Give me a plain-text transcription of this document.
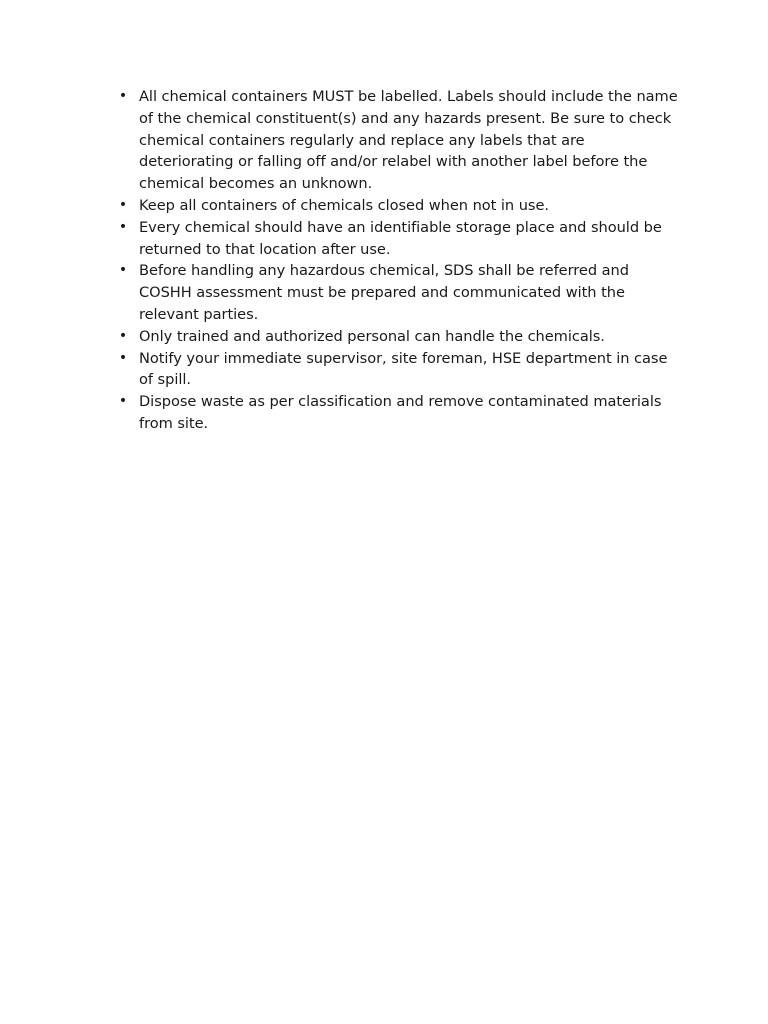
• All chemical containers MUST be labelled. Labels should include the name of the chemical constituent(s) and any hazards present. Be sure to check chemical containers regularly and replace any labels that are deteriorating or falling off and/or relabel with another label before the chemical becomes an unknown.
• Keep all containers of chemicals closed when not in use.
• Every chemical should have an identifiable storage place and should be returned to that location after use.
• Before handling any hazardous chemical, SDS shall be referred and COSHH assessment must be prepared and communicated with the relevant parties.
• Only trained and authorized personal can handle the chemicals.
• Notify your immediate supervisor, site foreman, HSE department in case of spill.
• Dispose waste as per classification and remove contaminated materials from site.
